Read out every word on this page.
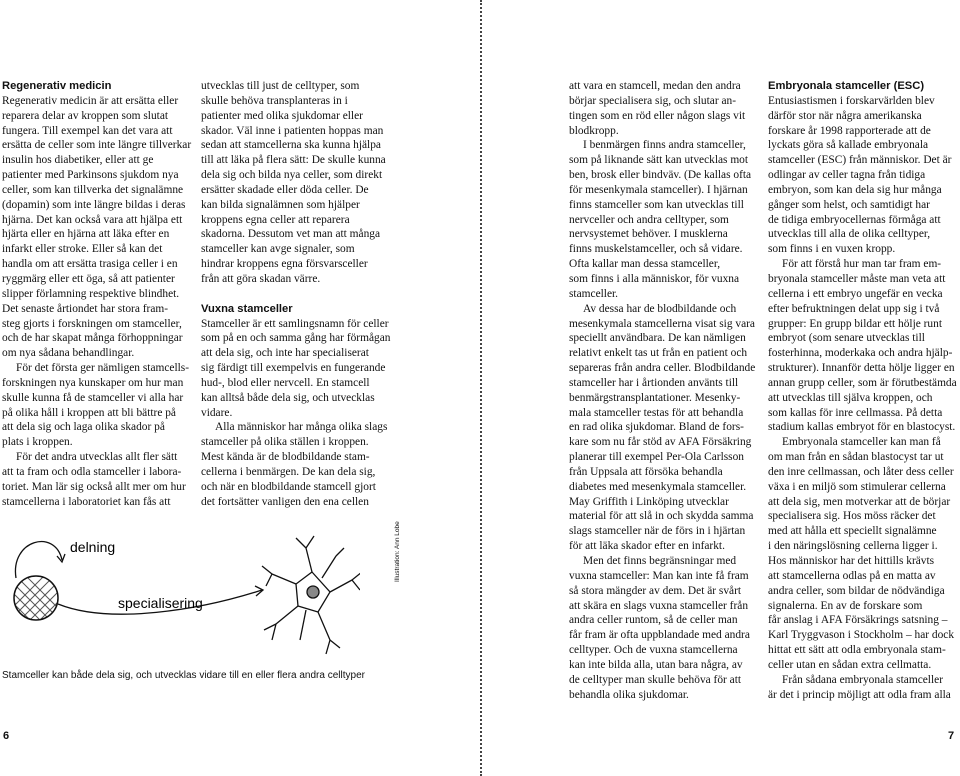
Regenerativ medicin

Regenerativ medicin är att ersätta eller
reparera delar av kroppen som slutat
fungera. Till exempel kan det vara att
ersätta de celler som inte längre tillverkar
insulin hos diabetiker, eller att ge
patienter med Parkinsons sjukdom nya
celler, som kan tillverka det signalämne
(dopamin) som inte längre bildas i deras
hjärna. Det kan också vara att hjälpa ett
hjärta eller en hjärna att läka efter en
infarkt eller stroke. Eller så kan det
handla om att ersätta trasiga celler i en
ryggmärg eller ett öga, så att patienter
slipper förlamning respektive blindhet.

Det senaste årtiondet har stora fram-
steg gjorts i forskningen om stamceller,
och de har skapat många förhoppningar
om nya sådana behandlingar.

För det första ger nämligen stamcells-
forskningen nya kunskaper om hur man
skulle kunna få de stamceller vi alla har
på olika håll i kroppen att bli bättre på
att dela sig och laga olika skador på
plats i kroppen.

För det andra utvecklas allt fler sätt
att ta fram och odla stamceller i labora-
toriet. Man lär sig också allt mer om hur
stamcellerna i laboratoriet kan fås att

utvecklas till just de celltyper, som
skulle behöva transplanteras in i
patienter med olika sjukdomar eller
skador. Väl inne i patienten hoppas man
sedan att stamcellerna ska kunna hjälpa
till att läka på flera sätt: De skulle kunna
dela sig och bilda nya celler, som direkt
ersätter skadade eller döda celler. De
kan bilda signalämnen som hjälper
kroppens egna celler att reparera
skadorna. Dessutom vet man att många
stamceller kan avge signaler, som
hindrar kroppens egna försvarsceller
från att göra skadan värre.

Vuxna stamceller

Stamceller är ett samlingsnamn för celler
som på en och samma gång har förmågan
att dela sig, och inte har specialiserat
sig färdigt till exempelvis en fungerande
hud-, blod eller nervcell. En stamcell
kan alltså både dela sig, och utvecklas
vidare.

Alla människor har många olika slags
stamceller på olika ställen i kroppen.
Mest kända är de blodbildande stam-
cellerna i benmärgen. De kan dela sig,
och när en blodbildande stamcell gjort
det fortsätter vanligen den ena cellen

delning
specialisering
Illustration: Ann Lobe
Stamceller kan både dela sig, och utvecklas vidare till en eller flera andra celltyper
6

att vara en stamcell, medan den andra
börjar specialisera sig, och slutar an-
tingen som en röd eller någon slags vit
blodkropp.

I benmärgen finns andra stamceller,
som på liknande sätt kan utvecklas mot
ben, brosk eller bindväv. (De kallas ofta
för mesenkymala stamceller). I hjärnan
finns stamceller som kan utvecklas till
nervceller och andra celltyper, som
nervsystemet behöver. I musklerna
finns muskelstamceller, och så vidare.
Ofta kallar man dessa stamceller,
som finns i alla människor, för vuxna
stamceller.

Av dessa har de blodbildande och
mesenkymala stamcellerna visat sig vara
speciellt användbara. De kan nämligen
relativt enkelt tas ut från en patient och
separeras från andra celler. Blodbildande
stamceller har i årtionden använts till
benmärgstransplantationer. Mesenky-
mala stamceller testas för att behandla
en rad olika sjukdomar. Bland de fors-
kare som nu får stöd av AFA Försäkring
planerar till exempel Per-Ola Carlsson
från Uppsala att försöka behandla
diabetes med mesenkymala stamceller.
May Griffith i Linköping utvecklar
material för att slå in och skydda samma
slags stamceller när de förs in i hjärtan
för att läka skador efter en infarkt.

Men det finns begränsningar med
vuxna stamceller: Man kan inte få fram
så stora mängder av dem. Det är svårt
att skära en slags vuxna stamceller från
andra celler runtom, så de celler man
får fram är ofta uppblandade med andra
celltyper. Och de vuxna stamcellerna
kan inte bilda alla, utan bara några, av
de celltyper man skulle behöva för att
behandla olika sjukdomar.

Embryonala stamceller (ESC)

Entusiastismen i forskarvärlden blev
därför stor när några amerikanska
forskare år 1998 rapporterade att de
lyckats göra så kallade embryonala
stamceller (ESC) från människor. Det är
odlingar av celler tagna från tidiga
embryon, som kan dela sig hur många
gånger som helst, och samtidigt har
de tidiga embryocellernas förmåga att
utvecklas till alla de olika celltyper,
som finns i en vuxen kropp.

För att förstå hur man tar fram em-
bryonala stamceller måste man veta att
cellerna i ett embryo ungefär en vecka
efter befruktningen delat upp sig i två
grupper: En grupp bildar ett hölje runt
embryot (som senare utvecklas till
fosterhinna, moderkaka och andra hjälp-
strukturer). Innanför detta hölje ligger en
annan grupp celler, som är förutbestämda
att utvecklas till själva kroppen, och
som kallas för inre cellmassa. På detta
stadium kallas embryot för en blastocyst.

Embryonala stamceller kan man få
om man från en sådan blastocyst tar ut
den inre cellmassan, och låter dess celler
växa i en miljö som stimulerar cellerna
att dela sig, men motverkar att de börjar
specialisera sig. Hos möss räcker det
med att hålla ett speciellt signalämne
i den näringslösning cellerna ligger i.
Hos människor har det hittills krävts
att stamcellerna odlas på en matta av
andra celler, som bildar de nödvändiga
signalerna. En av de forskare som
får anslag i AFA Försäkrings satsning –
Karl Tryggvason i Stockholm – har dock
hittat ett sätt att odla embryonala stam-
celler utan en sådan extra cellmatta.

Från sådana embryonala stamceller
är det i princip möjligt att odla fram alla

7
